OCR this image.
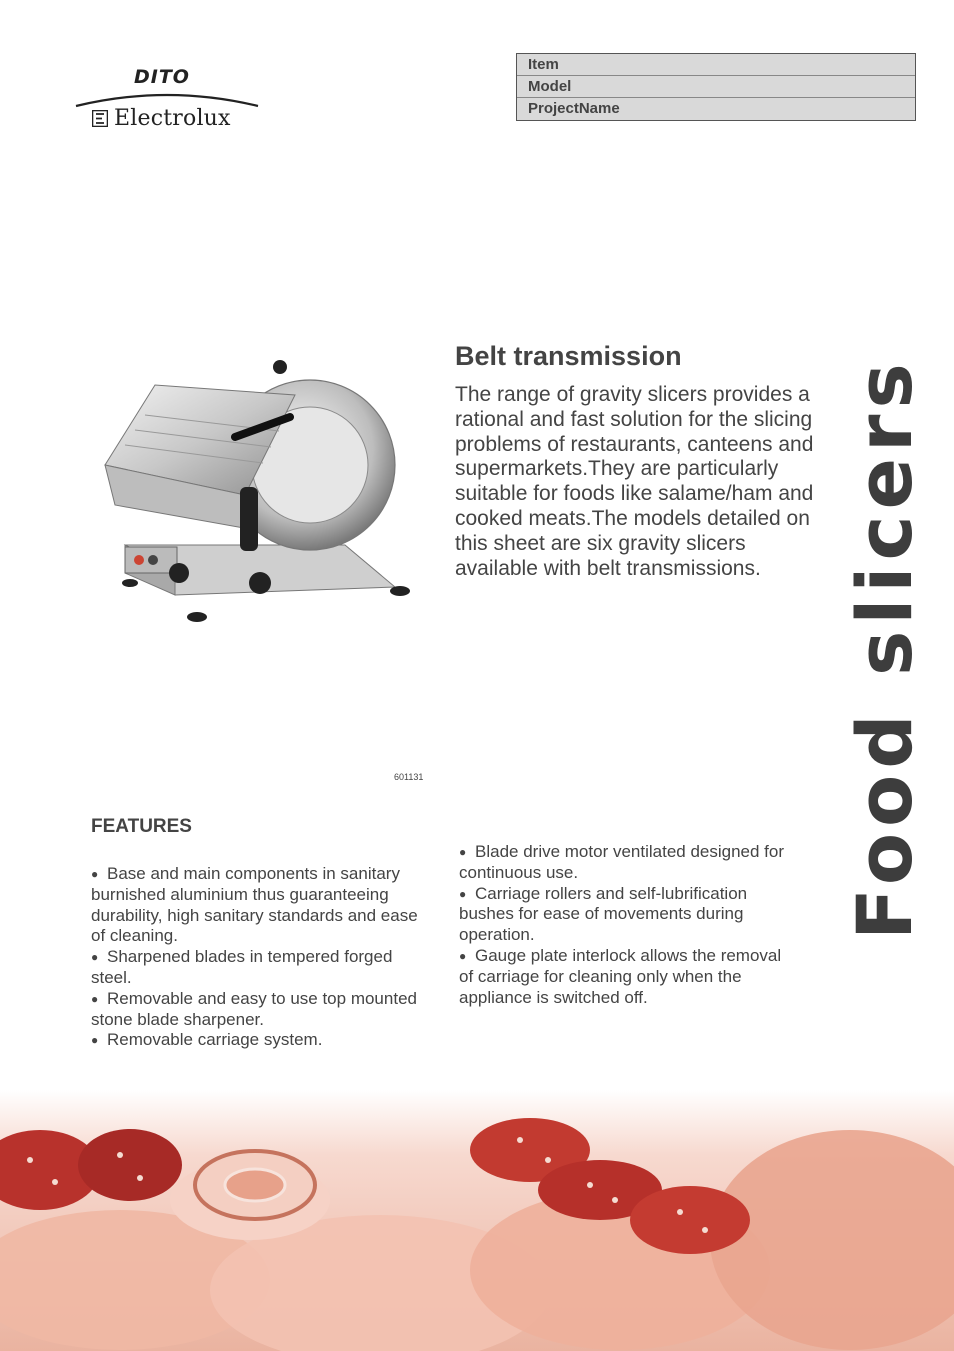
DITO
Electrolux
Item
Model
ProjectName
601131
Belt transmission

The range of gravity slicers provides a rational and fast solution for the slicing problems of restaurants, canteens and supermarkets.They are particularly suitable for foods like salame/ham and cooked meats.The models detailed on this sheet are six gravity slicers available with belt transmissions.	Food slicers
FEATURES
● Base and main components in sanitary burnished aluminium thus guaranteeing durability, high sanitary standards and ease of cleaning.
● Sharpened blades in tempered forged steel.
● Removable and easy to use top mounted stone blade sharpener.
● Removable carriage system.
● Blade drive motor ventilated designed for continuous use.
● Carriage rollers and self-lubrification bushes for ease of movements during operation.
● Gauge plate interlock allows the removal of carriage for cleaning only when the appliance is switched off.
